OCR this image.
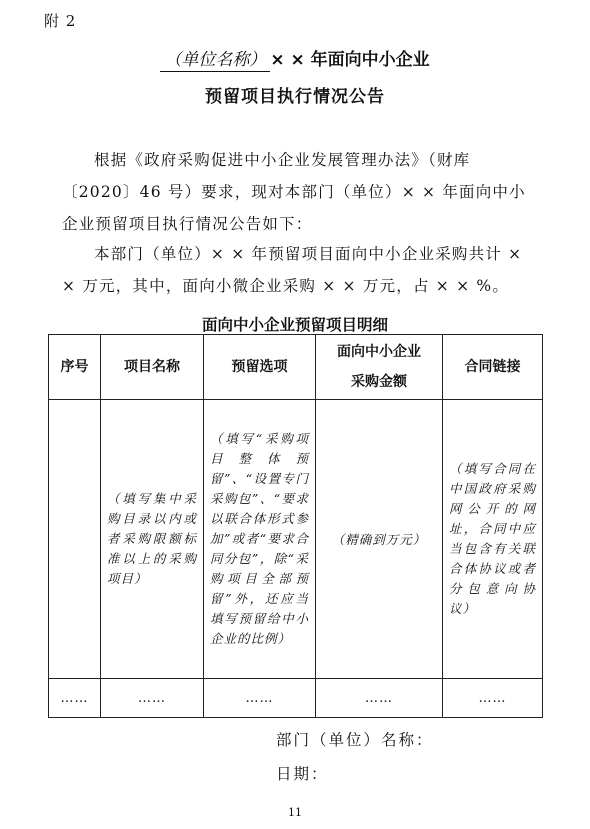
附 2
（单位名称） × × 年面向中小企业
预留项目执行情况公告
根据《政府采购促进中小企业发展管理办法》（财库〔2020〕46 号）要求，现对本部门（单位）× × 年面向中小企业预留项目执行情况公告如下：
本部门（单位）× × 年预留项目面向中小企业采购共计 × × 万元，其中，面向小微企业采购 × × 万元，占 × × %。
面向中小企业预留项目明细
序号	项目名称	预留选项	面向中小企业采购金额	合同链接
	（填写集中采购目录以内或者采购限额标准以上的采购项目）	（填写“采购项目整体预留”、“设置专门采购包”、“要求以联合体形式参加”或者“要求合同分包”，除“采购项目全部预留”外，还应当填写预留给中小企业的比例）	（精确到万元）	（填写合同在中国政府采购网公开的网址，合同中应当包含有关联合体协议或者分包意向协议）
……	……	……	……	……
部门（单位）名称：
日期：
11
